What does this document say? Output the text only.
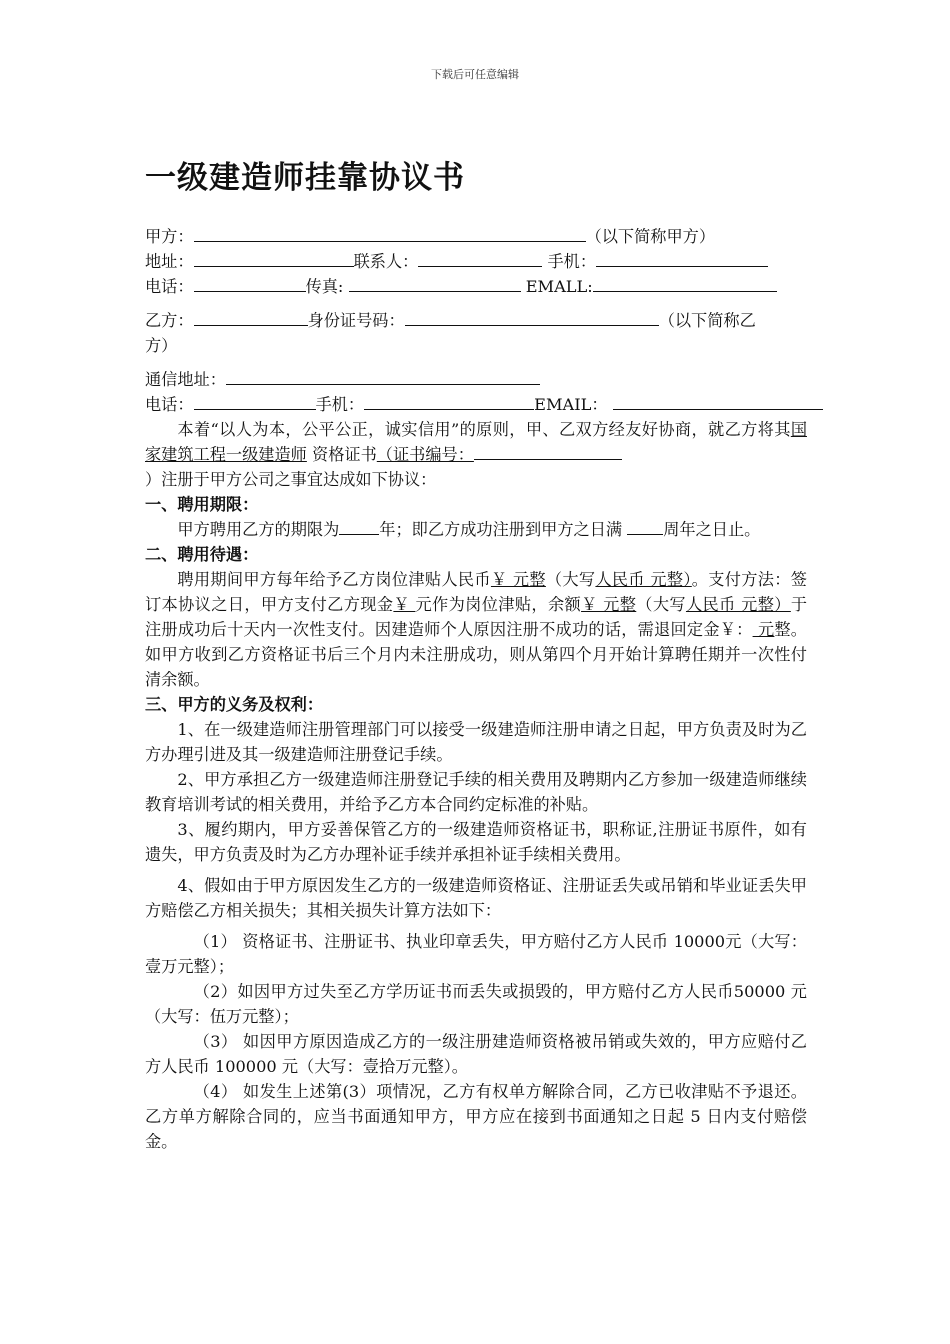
下载后可任意编辑
一级建造师挂靠协议书
甲方：	（以下简称甲方）
地址：	联系人：	手机：
电话：	传真:	EMALL:
乙方：	身份证号码：	（以下简称乙
方）
通信地址：
电话：	手机：	EMAIL：
本着“以人为本，公平公正，诚实信用”的原则，甲、乙双方经友好协商，就乙方将其国家建筑工程一级建造师 资格证书（证书编号：
）注册于甲方公司之事宜达成如下协议：
一、聘用期限：
甲方聘用乙方的期限为 年；即乙方成功注册到甲方之日满 周年之日止。
二、聘用待遇：
聘用期间甲方每年给予乙方岗位津贴人民币￥ 元整（大写人民币 元整）。支付方法：签订本协议之日，甲方支付乙方现金￥ 元作为岗位津贴，余额￥ 元整（大写人民币 元整）于注册成功后十天内一次性支付。因建造师个人原因注册不成功的话，需退回定金￥： 元整。如甲方收到乙方资格证书后三个月内未注册成功，则从第四个月开始计算聘任期并一次性付清余额。
三、甲方的义务及权利：
1、在一级建造师注册管理部门可以接受一级建造师注册申请之日起，甲方负责及时为乙方办理引进及其一级建造师注册登记手续。
2、甲方承担乙方一级建造师注册登记手续的相关费用及聘期内乙方参加一级建造师继续教育培训考试的相关费用，并给予乙方本合同约定标准的补贴。
3、履约期内，甲方妥善保管乙方的一级建造师资格证书，职称证,注册证书原件，如有遗失，甲方负责及时为乙方办理补证手续并承担补证手续相关费用。
4、假如由于甲方原因发生乙方的一级建造师资格证、注册证丢失或吊销和毕业证丢失甲方赔偿乙方相关损失；其相关损失计算方法如下：
（1） 资格证书、注册证书、执业印章丢失，甲方赔付乙方人民币 10000元（大写：壹万元整）；
（2）如因甲方过失至乙方学历证书而丢失或损毁的，甲方赔付乙方人民币50000 元（大写：伍万元整）；
（3） 如因甲方原因造成乙方的一级注册建造师资格被吊销或失效的，甲方应赔付乙方人民币 100000 元（大写：壹拾万元整）。
（4） 如发生上述第(3）项情况，乙方有权单方解除合同，乙方已收津贴不予退还。乙方单方解除合同的，应当书面通知甲方，甲方应在接到书面通知之日起 5 日内支付赔偿金。
